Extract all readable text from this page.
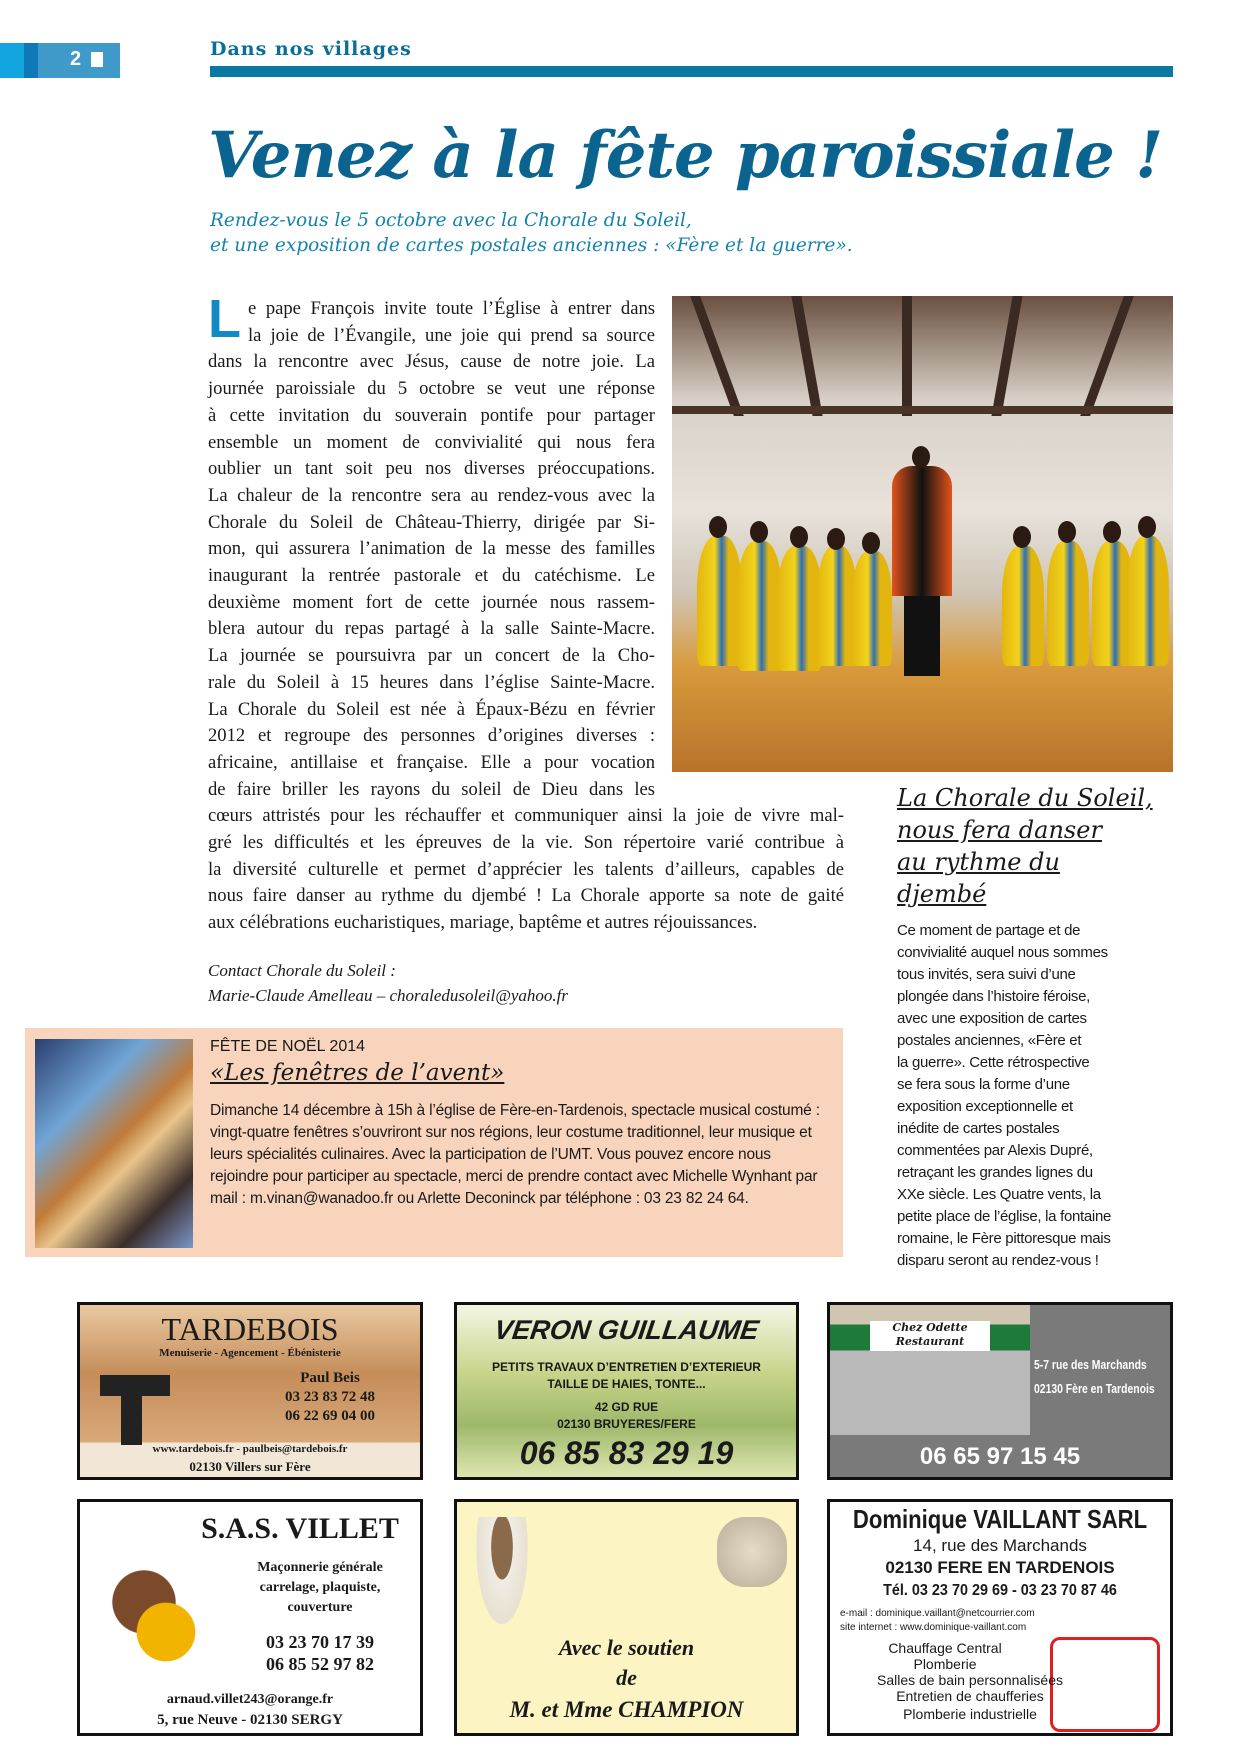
2	Dans nos villages
Venez à la fête paroissiale !
Rendez-vous le 5 octobre avec la Chorale du Soleil,
et une exposition de cartes postales anciennes : «Fère et la guerre».
L e pape François invite toute l’Église à entrer dans
la joie de l’Évangile, une joie qui prend sa source
dans la rencontre avec Jésus, cause de notre joie. La
journée paroissiale du 5 octobre se veut une réponse
à cette invitation du souverain pontife pour partager
ensemble un moment de convivialité qui nous fera
oublier un tant soit peu nos diverses préoccupations.
La chaleur de la rencontre sera au rendez-vous avec la
Chorale du Soleil de Château-Thierry, dirigée par Si-
mon, qui assurera l’animation de la messe des familles
inaugurant la rentrée pastorale et du catéchisme. Le
deuxième moment fort de cette journée nous rassem-
blera autour du repas partagé à la salle Sainte-Macre.
La journée se poursuivra par un concert de la Cho-
rale du Soleil à 15 heures dans l’église Sainte-Macre.
La Chorale du Soleil est née à Épaux-Bézu en février
2012 et regroupe des personnes d’origines diverses :
africaine, antillaise et française. Elle a pour vocation
de faire briller les rayons du soleil de Dieu dans les
cœurs attristés pour les réchauffer et communiquer ainsi la joie de vivre mal-
gré les difficultés et les épreuves de la vie. Son répertoire varié contribue à
la diversité culturelle et permet d’apprécier les talents d’ailleurs, capables de
nous faire danser au rythme du djembé ! La Chorale apporte sa note de gaité
aux célébrations eucharistiques, mariage, baptême et autres réjouissances.
Contact Chorale du Soleil :
Marie-Claude Amelleau – choraledusoleil@yahoo.fr
La Chorale du Soleil,
nous fera danser
au rythme du
djembé
Ce moment de partage et de
convivialité auquel nous sommes
tous invités, sera suivi d’une
plongée dans l’histoire féroise,
avec une exposition de cartes
postales anciennes, «Fère et
la guerre». Cette rétrospective
se fera sous la forme d’une
exposition exceptionnelle et
inédite de cartes postales
commentées par Alexis Dupré,
retraçant les grandes lignes du
XXe siècle. Les Quatre vents, la
petite place de l’église, la fontaine
romaine, le Fère pittoresque mais
disparu seront au rendez-vous !
FÊTE DE NOËL 2014
«Les fenêtres de l’avent»
Dimanche 14 décembre à 15h à l’église de Fère-en-Tardenois, spectacle musical costumé : vingt-quatre fenêtres s’ouvriront sur nos régions, leur costume traditionnel, leur musique et leurs spécialités culinaires. Avec la participation de l’UMT. Vous pouvez encore nous rejoindre pour participer au spectacle, merci de prendre contact avec Michelle Wynhant par mail : m.vinan@wanadoo.fr ou Arlette Deconinck par téléphone : 03 23 82 24 64.
TARDEBOIS
Menuiserie - Agencement - Ébénisterie
Paul Beis
03 23 83 72 48
06 22 69 04 00
www.tardebois.fr - paulbeis@tardebois.fr
02130 Villers sur Fère
VERON GUILLAUME
PETITS TRAVAUX D’ENTRETIEN D’EXTERIEUR
TAILLE DE HAIES, TONTE...
42 GD RUE
02130 BRUYERES/FERE
06 85 83 29 19
Chez Odette
Restaurant
5-7 rue des Marchands
02130 Fère en Tardenois
06 65 97 15 45
S.A.S. VILLET
Maçonnerie générale
carrelage, plaquiste,
couverture
03 23 70 17 39
06 85 52 97 82
arnaud.villet243@orange.fr
5, rue Neuve - 02130 SERGY
Avec le soutien
de
M. et Mme CHAMPION
Dominique VAILLANT SARL
14, rue des Marchands
02130 FERE EN TARDENOIS
Tél. 03 23 70 29 69 - 03 23 70 87 46
e-mail : dominique.vaillant@netcourrier.com
site internet : www.dominique-vaillant.com
Chauffage Central
Plomberie
Salles de bain personnalisées
Entretien de chaufferies
Plomberie industrielle
